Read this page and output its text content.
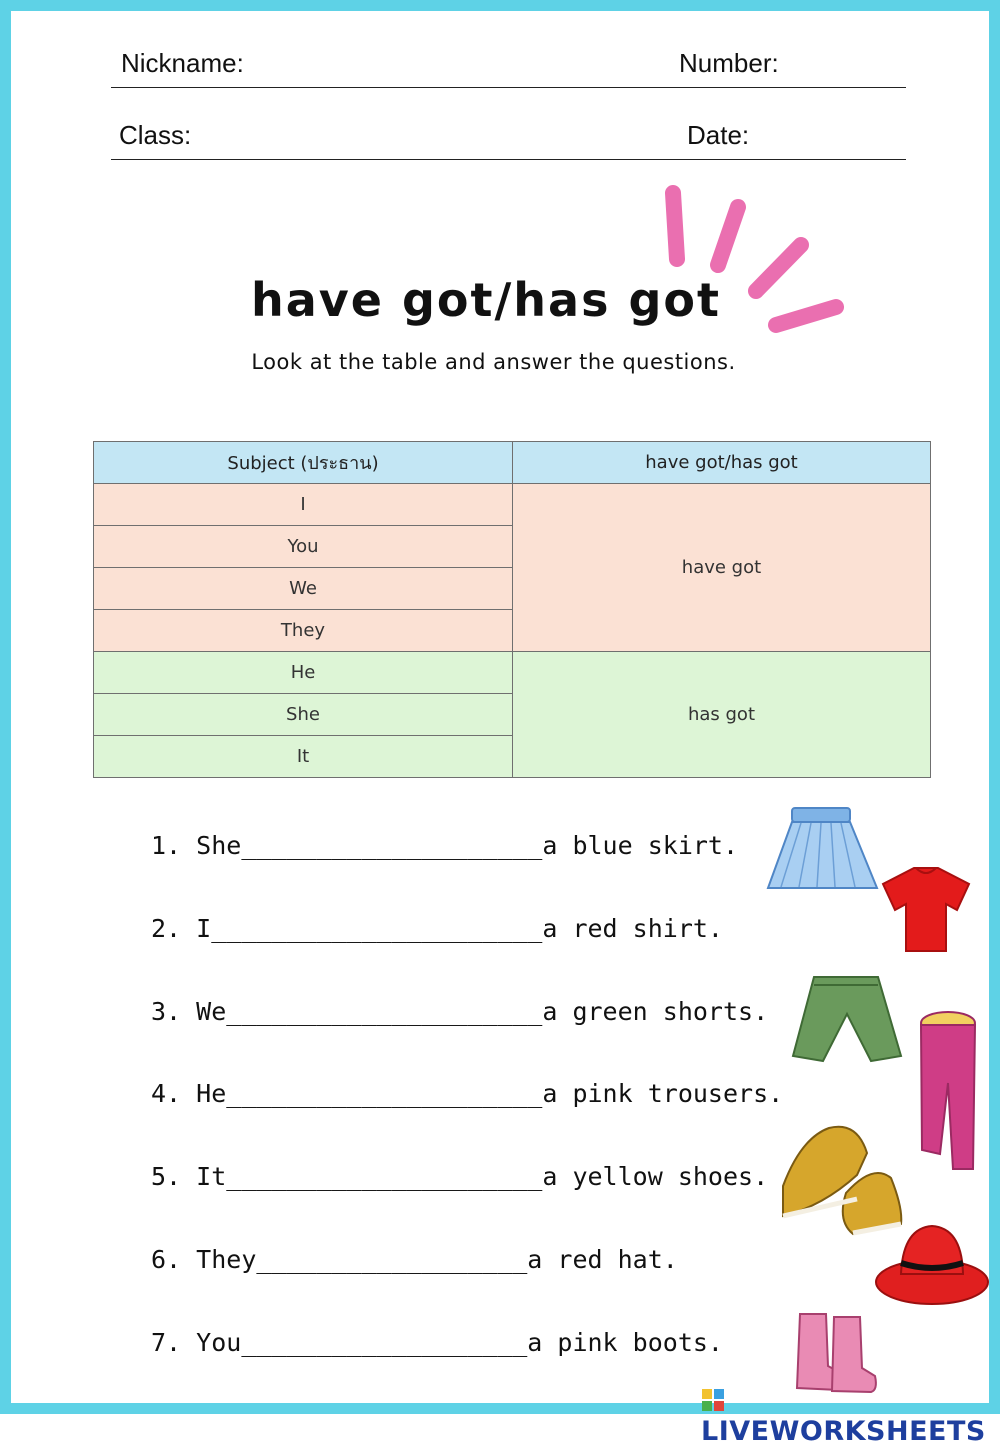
Nickname:	Number:
Class:	Date:
have got/has got
Look at the table and answer the questions.
Subject (ประธาน)	have got/has got
I	have got
You	
We	
They	
He	has got
She	
It	
1. She____________________a blue skirt.
2. I______________________a red shirt.
3. We_____________________a green shorts.
4. He_____________________a pink trousers.
5. It_____________________a yellow shoes.
6. They__________________a red hat.
7. You___________________a pink boots.
LIVEWORKSHEETS
